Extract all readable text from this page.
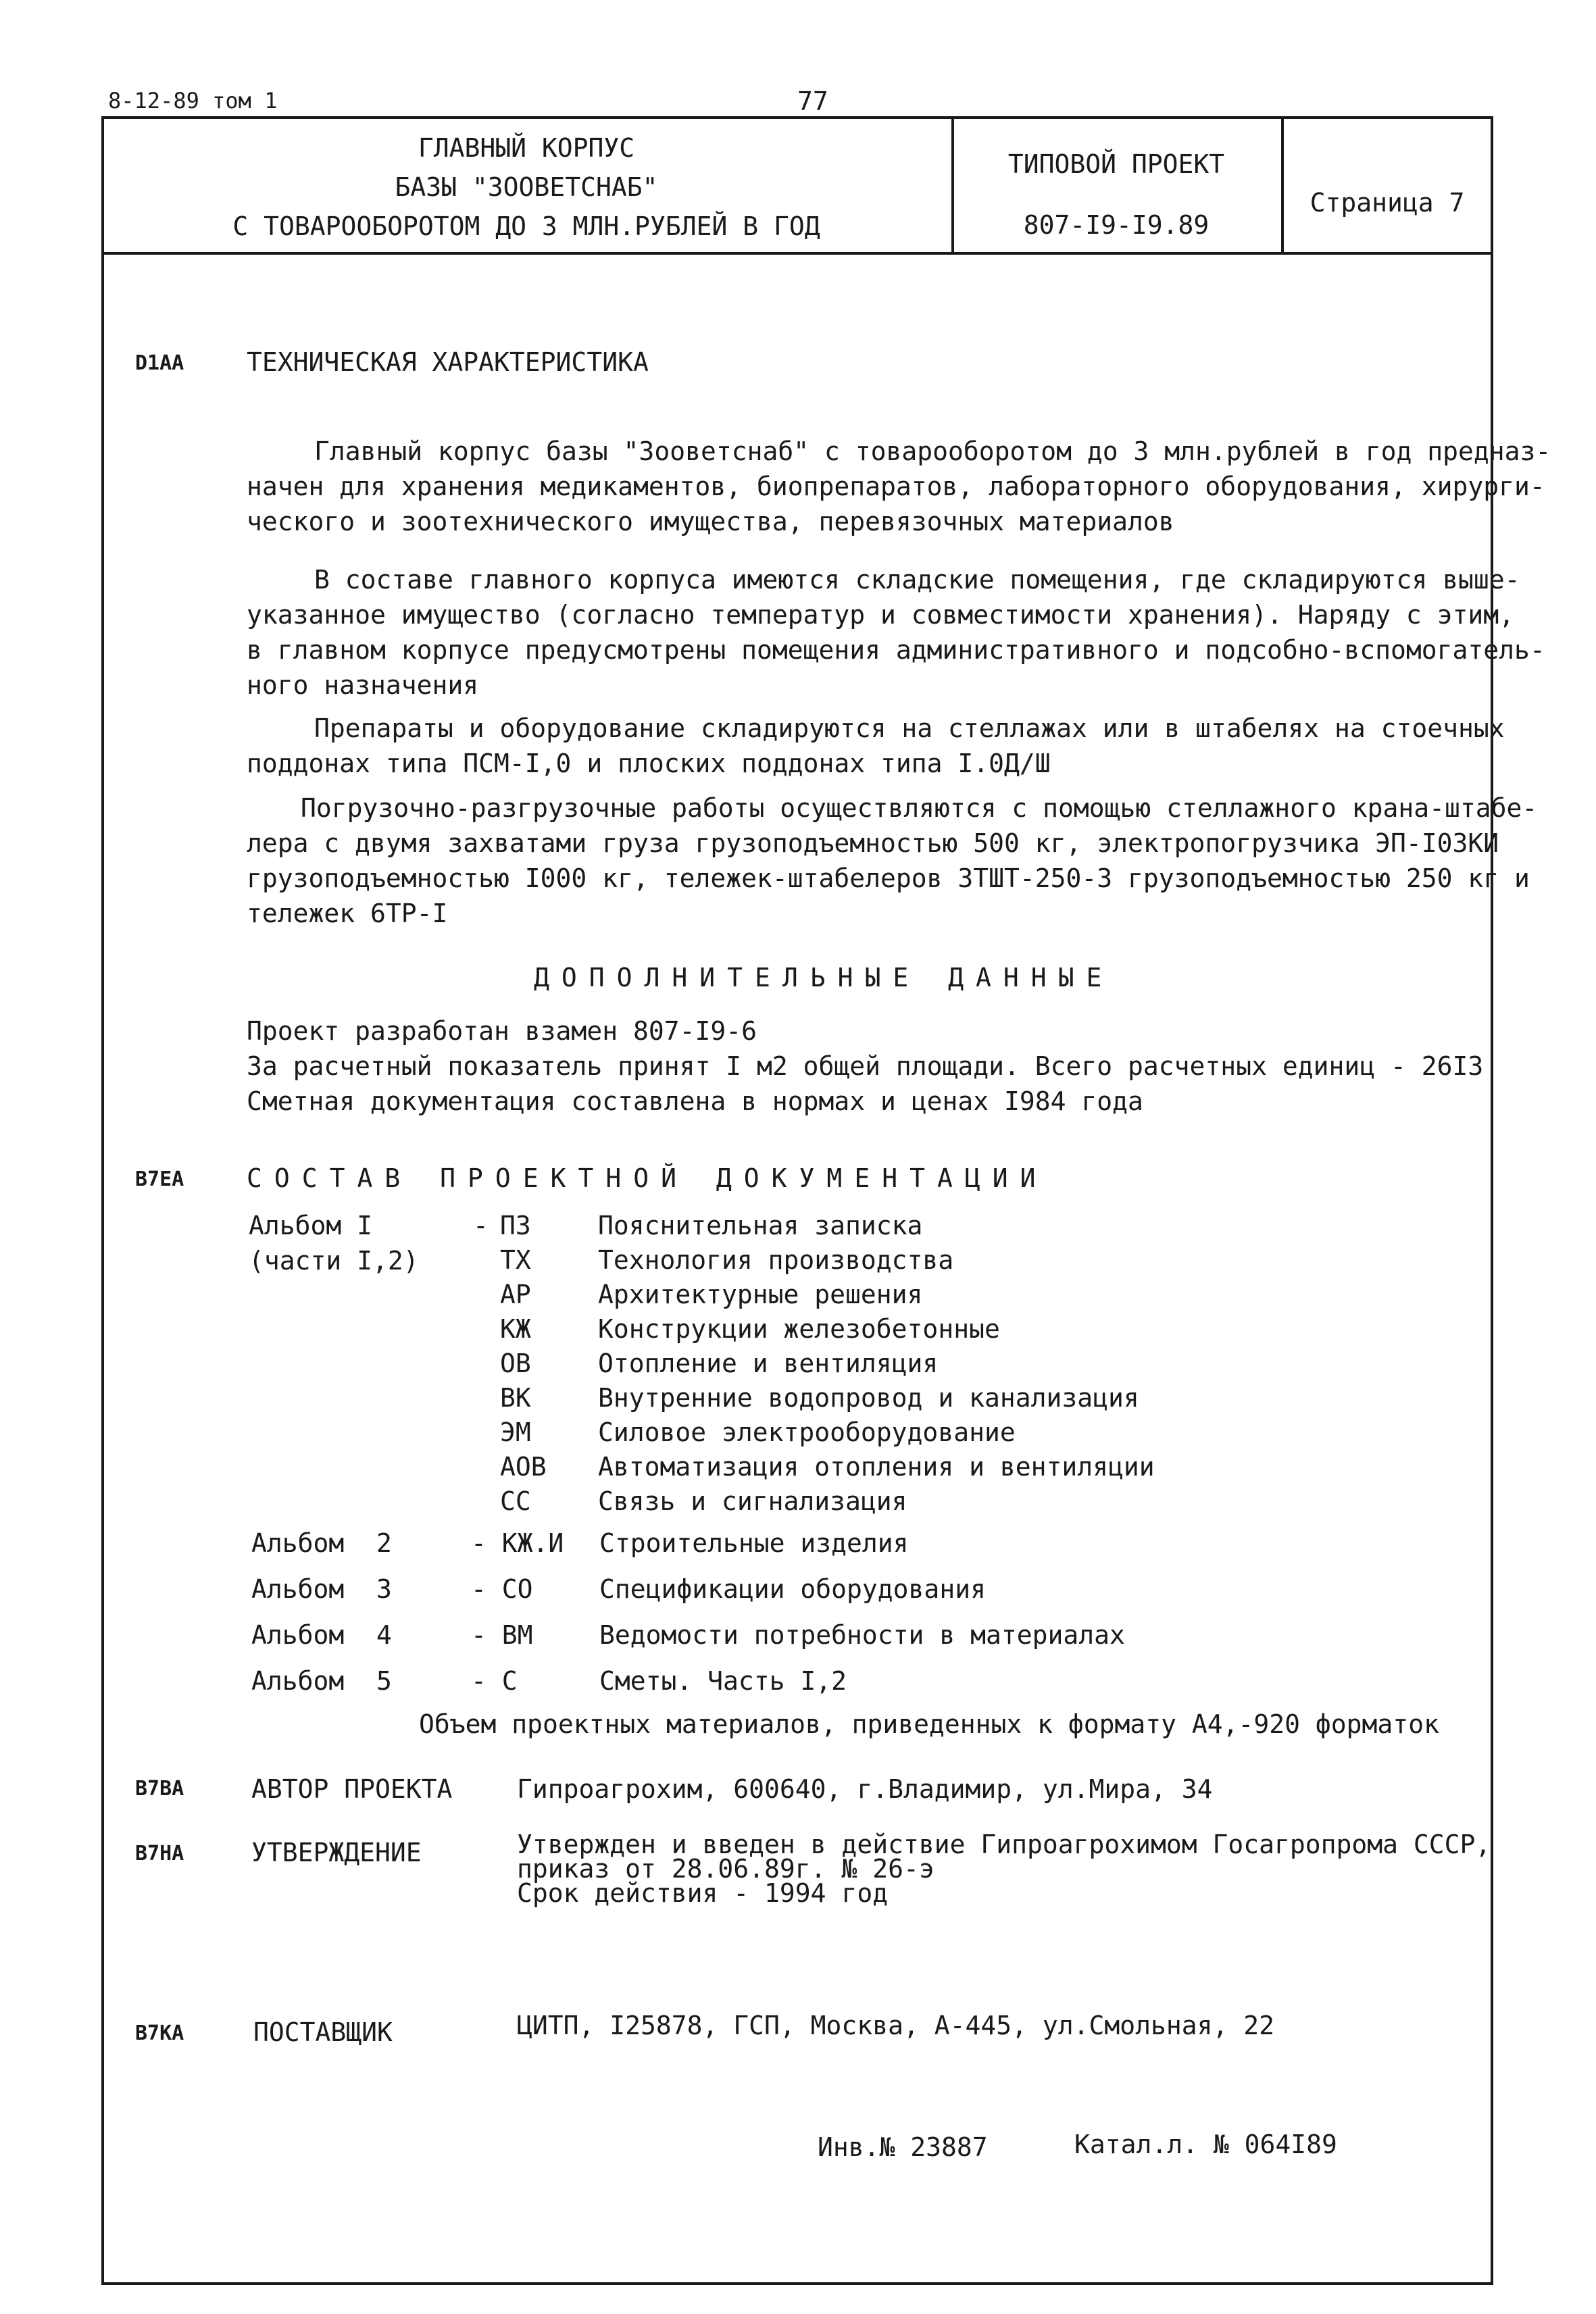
8-12-89 том 1	77
ГЛАВНЫЙ КОРПУС
БАЗЫ "ЗООВЕТСНАБ"
С ТОВАРООБОРОТОМ ДО 3 МЛН.РУБЛЕЙ В ГОД
ТИПОВОЙ ПРОЕКТ
807-I9-I9.89
Страница 7
D1AA ТЕХНИЧЕСКАЯ ХАРАКТЕРИСТИКА
Главный корпус базы "Зооветснаб" с товарооборотом до 3 млн.рублей в год предназ-
начен для хранения медикаментов, биопрепаратов, лабораторного оборудования, хирурги-
ческого и зоотехнического имущества, перевязочных материалов
В составе главного корпуса имеются складские помещения, где складируются выше-
указанное имущество (согласно температур и совместимости хранения). Наряду с этим,
в главном корпусе предусмотрены помещения административного и подсобно-вспомогатель-
ного назначения
Препараты и оборудование складируются на стеллажах или в штабелях на стоечных
поддонах типа ПСМ-I,0 и плоских поддонах типа I.0Д/Ш
Погрузочно-разгрузочные работы осуществляются с помощью стеллажного крана-штабе-
лера с двумя захватами груза грузоподъемностью 500 кг, электропогрузчика ЭП-I03КИ
грузоподъемностью I000 кг, тележек-штабелеров ЗТШТ-250-3 грузоподъемностью 250 кг и
тележек 6ТР-I
ДОПОЛНИТЕЛЬНЫЕ ДАННЫЕ
Проект разработан взамен 807-I9-6
За расчетный показатель принят I м2 общей площади. Всего расчетных единиц - 26I3
Сметная документация составлена в нормах и ценах I984 года
B7EA СОСТАВ ПРОЕКТНОЙ ДОКУМЕНТАЦИИ
Альбом I
(части I,2)
- ПЗ	Пояснительная записка
ТХ	Технология производства
АР	Архитектурные решения
КЖ	Конструкции железобетонные
ОВ	Отопление и вентиляция
ВК	Внутренние водопровод и канализация
ЭМ	Силовое электрооборудование
АОВ Автоматизация отопления и вентиляции
СС	Связь и сигнализация
Альбом 2	- КЖ.И Строительные изделия
Альбом 3	- СО	Спецификации оборудования
Альбом 4	- ВМ	Ведомости потребности в материалах
Альбом 5	- С	Сметы. Часть I,2
Объем проектных материалов, приведенных к формату А4,-920 форматок
B7BA	АВТОР ПРОЕКТА	Гипроагрохим, 600640, г.Владимир, ул.Мира, 34
B7HA	УТВЕРЖДЕНИЕ	Утвержден и введен в действие Гипроагрохимом Госагропрома СССР,
приказ от 28.06.89г. № 26-э
Срок действия - 1994 год
B7KA	ПОСТАВЩИК	ЦИТП, I25878, ГСП, Москва, А-445, ул.Смольная, 22
Инв.№ 23887	Катал.л. № 064I89
